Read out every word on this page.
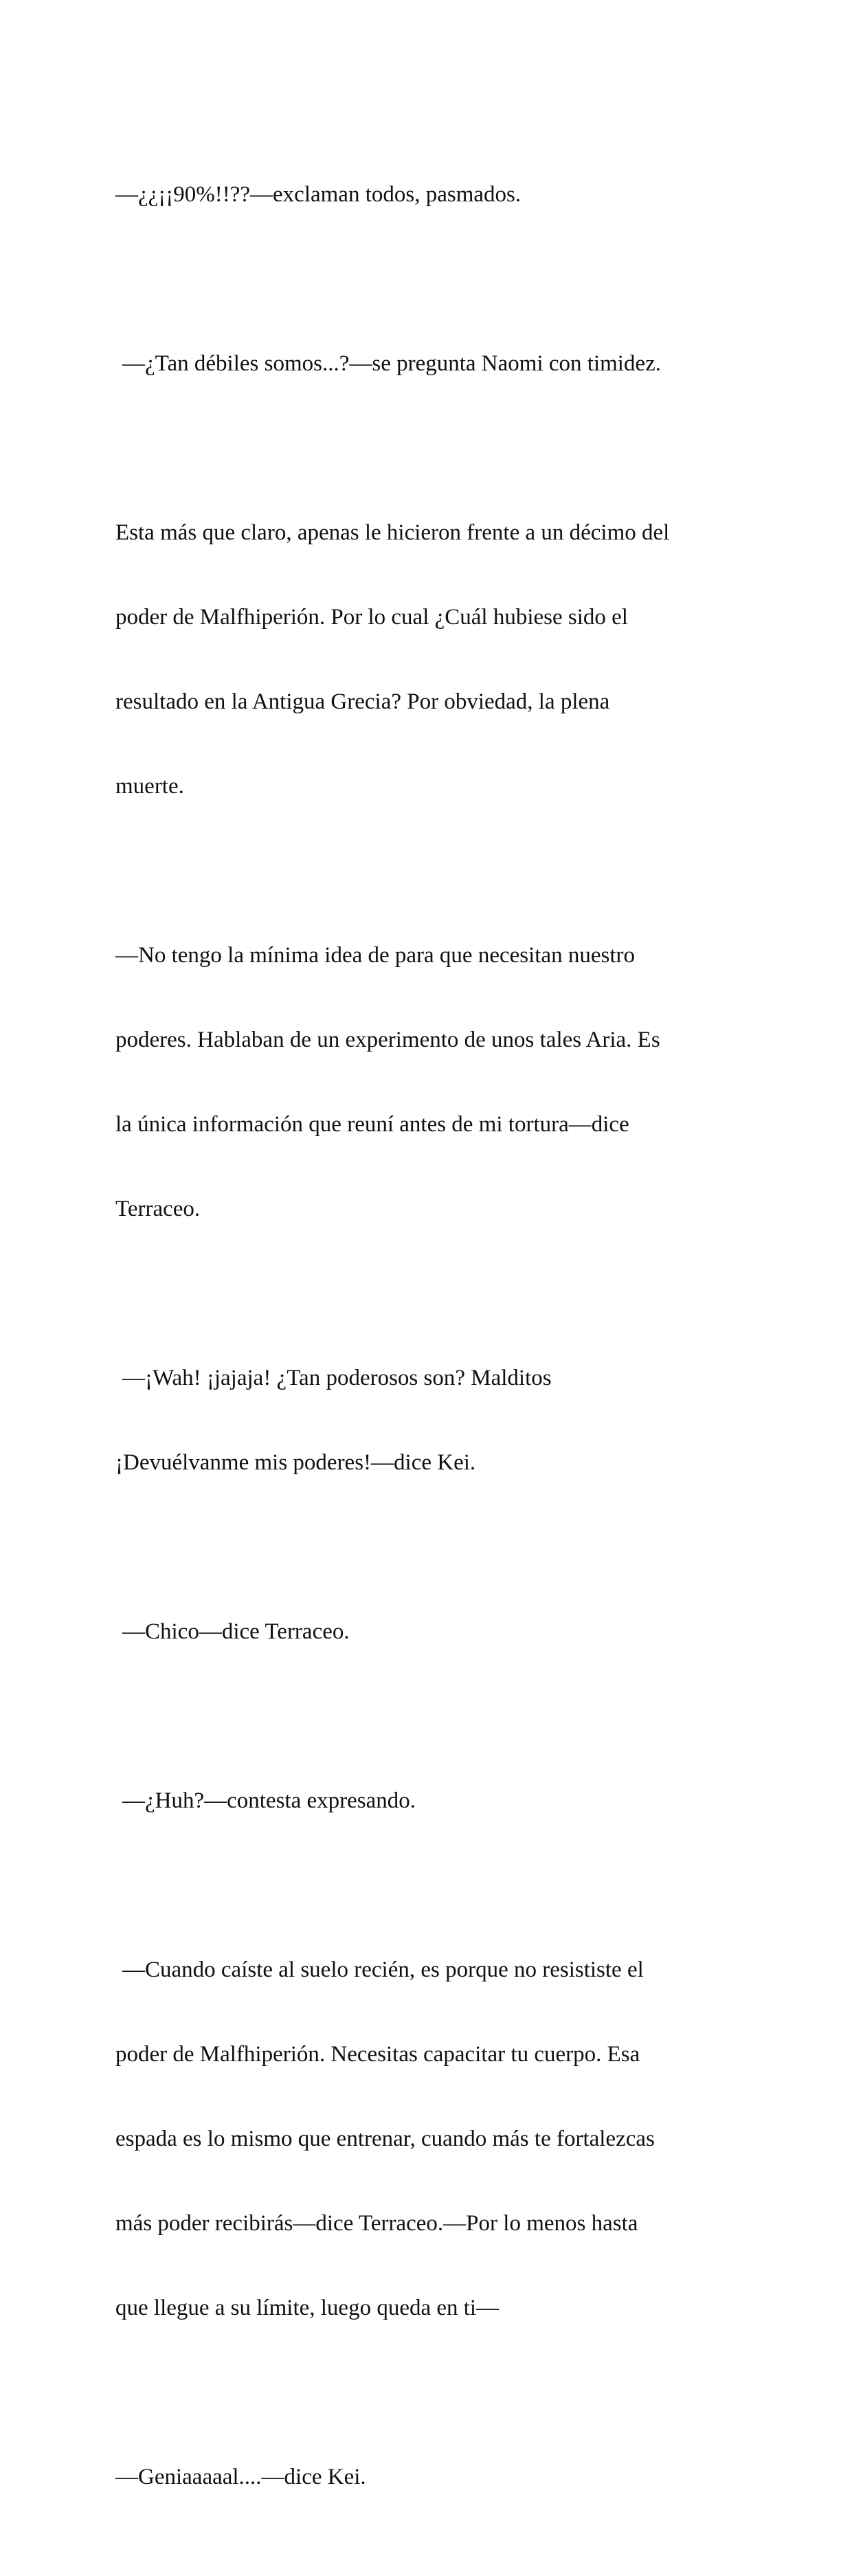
—¿¿¡¡90%!!??—exclaman todos, pasmados.

—¿Tan débiles somos...?—se pregunta Naomi con timidez.

Esta más que claro, apenas le hicieron frente a un décimo del

poder de Malfhiperión. Por lo cual ¿Cuál hubiese sido el

resultado en la Antigua Grecia? Por obviedad, la plena

muerte.

—No tengo la mínima idea de para que necesitan nuestro

poderes. Hablaban de un experimento de unos tales Aria. Es

la única información que reuní antes de mi tortura—dice

Terraceo.

—¡Wah! ¡jajaja! ¿Tan poderosos son? Malditos

¡Devuélvanme mis poderes!—dice Kei.

—Chico—dice Terraceo.

—¿Huh?—contesta expresando.

—Cuando caíste al suelo recién, es porque no resististe el

poder de Malfhiperión. Necesitas capacitar tu cuerpo. Esa

espada es lo mismo que entrenar, cuando más te fortalezcas

más poder recibirás—dice Terraceo.—Por lo menos hasta

que llegue a su límite, luego queda en ti—

—Geniaaaaal....—dice Kei.
